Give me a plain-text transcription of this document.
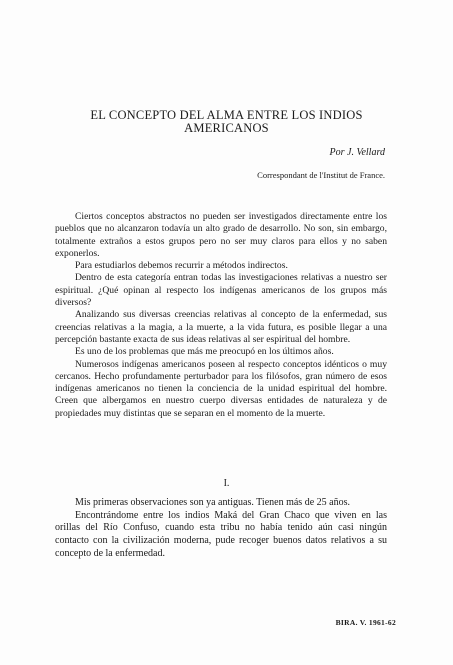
EL CONCEPTO DEL ALMA ENTRE LOS INDIOS
AMERICANOS
Por J. Vellard
Correspondant de l'Institut de France.

Ciertos conceptos abstractos no pueden ser investigados directamente entre los pueblos que no alcanzaron todavía un alto grado de desarrollo. No son, sin embargo, totalmente extraños a estos grupos pero no ser muy claros para ellos y no saben exponerlos.

Para estudiarlos debemos recurrir a métodos indirectos.

Dentro de esta categoría entran todas las investigaciones relativas a nuestro ser espiritual. ¿Qué opinan al respecto los indígenas americanos de los grupos más diversos?

Analizando sus diversas creencias relativas al concepto de la enfermedad, sus creencias relativas a la magia, a la muerte, a la vida futura, es posible llegar a una percepción bastante exacta de sus ideas relativas al ser espiritual del hombre.

Es uno de los problemas que más me preocupó en los últimos años.

Numerosos indígenas americanos poseen al respecto conceptos idénticos o muy cercanos. Hecho profundamente perturbador para los filósofos, gran número de esos indígenas americanos no tienen la conciencia de la unidad espiritual del hombre. Creen que albergamos en nuestro cuerpo diversas entidades de naturaleza y de propiedades muy distintas que se separan en el momento de la muerte.

I.

Mis primeras observaciones son ya antiguas. Tienen más de 25 años.

Encontrándome entre los indios Maká del Gran Chaco que viven en las orillas del Río Confuso, cuando esta tribu no había tenido aún casi ningún contacto con la civilización moderna, pude recoger buenos datos relativos a su concepto de la enfermedad.

BIRA. V. 1961-62
